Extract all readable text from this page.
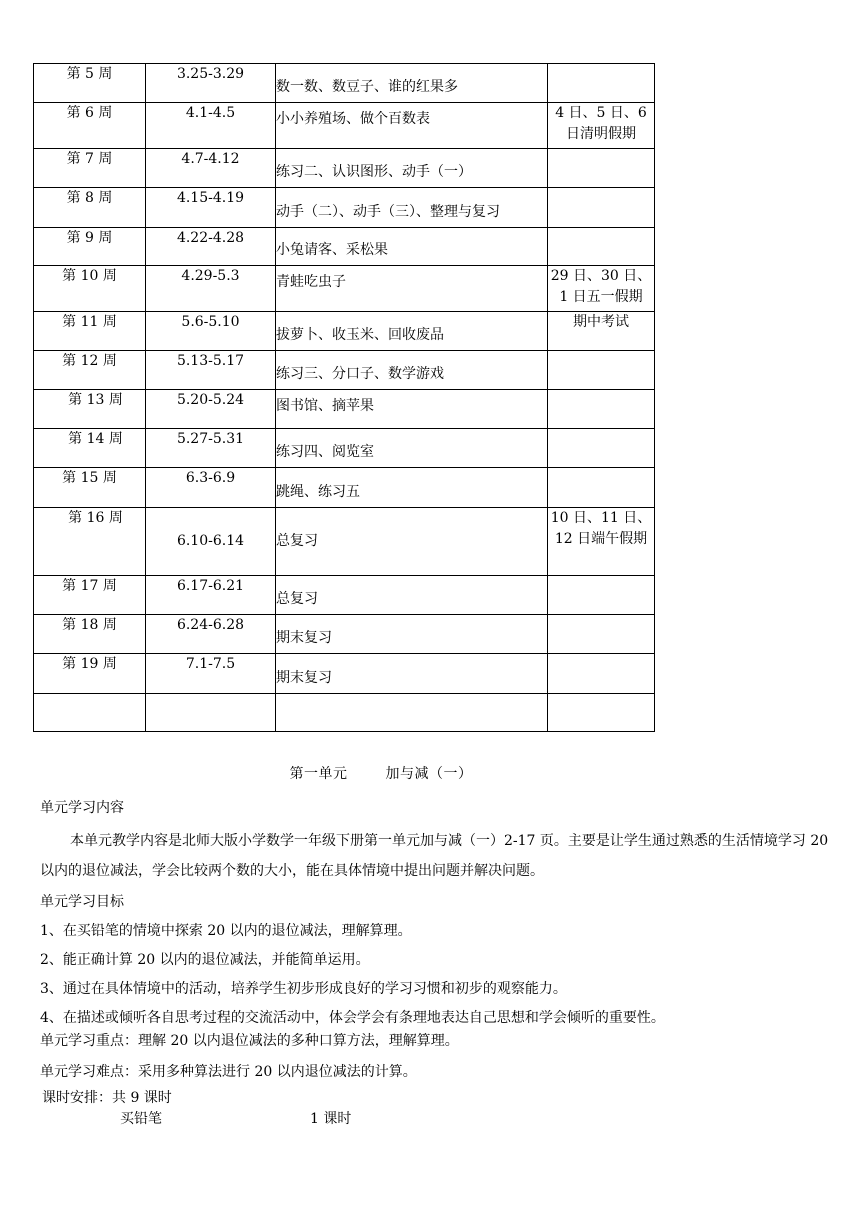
第 5 周	3.25-3.29	数一数、数豆子、谁的红果多	
第 6 周	4.1-4.5	小小养殖场、做个百数表	4 日、5 日、6 日清明假期
第 7 周	4.7-4.12	练习二、认识图形、动手（一）	
第 8 周	4.15-4.19	动手（二）、动手（三）、整理与复习	
第 9 周	4.22-4.28	小兔请客、采松果	
第 10 周	4.29-5.3	青蛙吃虫子	29 日、30 日、1 日五一假期
第 11 周	5.6-5.10	拔萝卜、收玉米、回收废品	期中考试
第 12 周	5.13-5.17	练习三、分口子、数学游戏	
第 13 周	5.20-5.24	图书馆、摘苹果	
第 14 周	5.27-5.31	练习四、阅览室	
第 15 周	6.3-6.9	跳绳、练习五	
第 16 周	6.10-6.14	总复习	10 日、11 日、12 日端午假期
第 17 周	6.17-6.21	总复习	
第 18 周	6.24-6.28	期末复习	
第 19 周	7.1-7.5	期末复习	

第一单元	加与减（一）

单元学习内容

本单元教学内容是北师大版小学数学一年级下册第一单元加与减（一）2-17 页。主要是让学生通过熟悉的生活情境学习 20 以内的退位减法，学会比较两个数的大小，能在具体情境中提出问题并解决问题。

单元学习目标

1、在买铅笔的情境中探索 20 以内的退位减法，理解算理。

2、能正确计算 20 以内的退位减法，并能简单运用。

3、通过在具体情境中的活动，培养学生初步形成良好的学习习惯和初步的观察能力。

4、在描述或倾听各自思考过程的交流活动中，体会学会有条理地表达自己思想和学会倾听的重要性。

单元学习重点：理解 20 以内退位减法的多种口算方法，理解算理。

单元学习难点：采用多种算法进行 20 以内退位减法的计算。

课时安排：共 9 课时

买铅笔	1 课时
